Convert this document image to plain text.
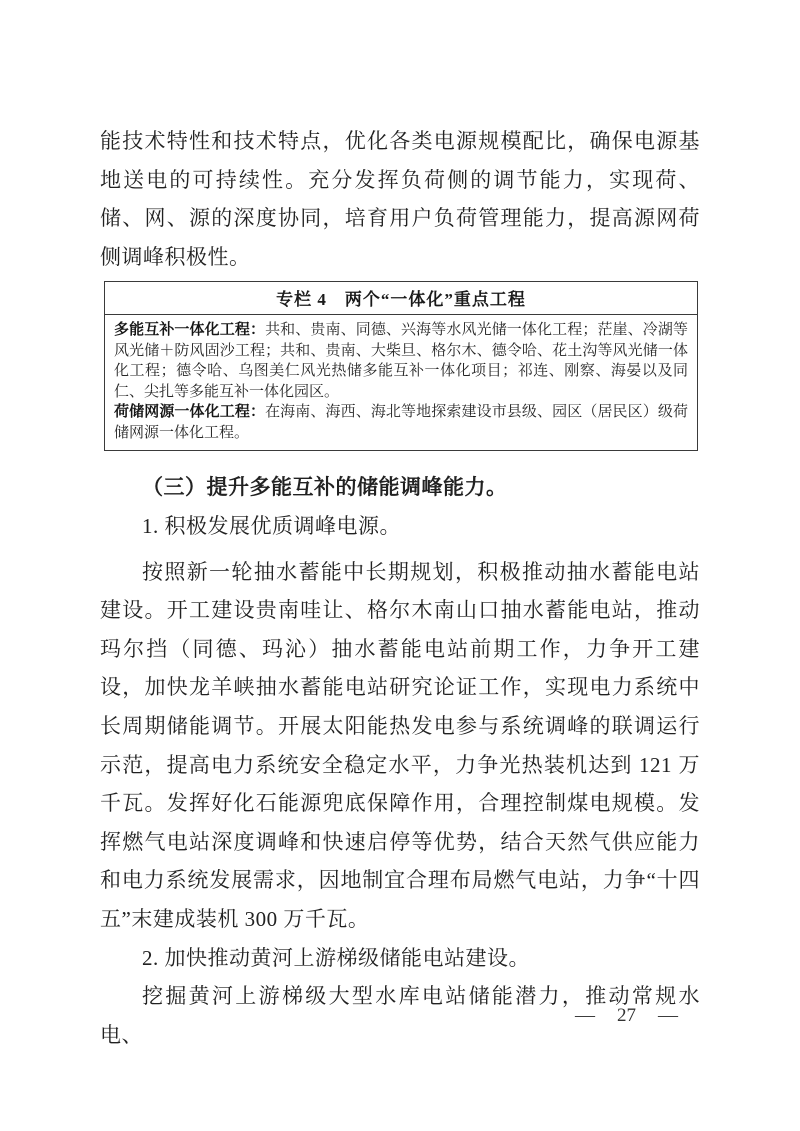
能技术特性和技术特点，优化各类电源规模配比，确保电源基地送电的可持续性。充分发挥负荷侧的调节能力，实现荷、储、网、源的深度协同，培育用户负荷管理能力，提高源网荷侧调峰积极性。

专栏 4　两个“一体化”重点工程

多能互补一体化工程：共和、贵南、同德、兴海等水风光储一体化工程；茫崖、冷湖等风光储＋防风固沙工程；共和、贵南、大柴旦、格尔木、德令哈、花土沟等风光储一体化工程；德令哈、乌图美仁风光热储多能互补一体化项目；祁连、刚察、海晏以及同仁、尖扎等多能互补一体化园区。

荷储网源一体化工程：在海南、海西、海北等地探索建设市县级、园区（居民区）级荷储网源一体化工程。

（三）提升多能互补的储能调峰能力。

1. 积极发展优质调峰电源。

按照新一轮抽水蓄能中长期规划，积极推动抽水蓄能电站建设。开工建设贵南哇让、格尔木南山口抽水蓄能电站，推动玛尔挡（同德、玛沁）抽水蓄能电站前期工作，力争开工建设，加快龙羊峡抽水蓄能电站研究论证工作，实现电力系统中长周期储能调节。开展太阳能热发电参与系统调峰的联调运行示范，提高电力系统安全稳定水平，力争光热装机达到 121 万千瓦。发挥好化石能源兜底保障作用，合理控制煤电规模。发挥燃气电站深度调峰和快速启停等优势，结合天然气供应能力和电力系统发展需求，因地制宜合理布局燃气电站，力争“十四五”末建成装机 300 万千瓦。

2. 加快推动黄河上游梯级储能电站建设。

挖掘黄河上游梯级大型水库电站储能潜力，推动常规水电、

— 27 —
